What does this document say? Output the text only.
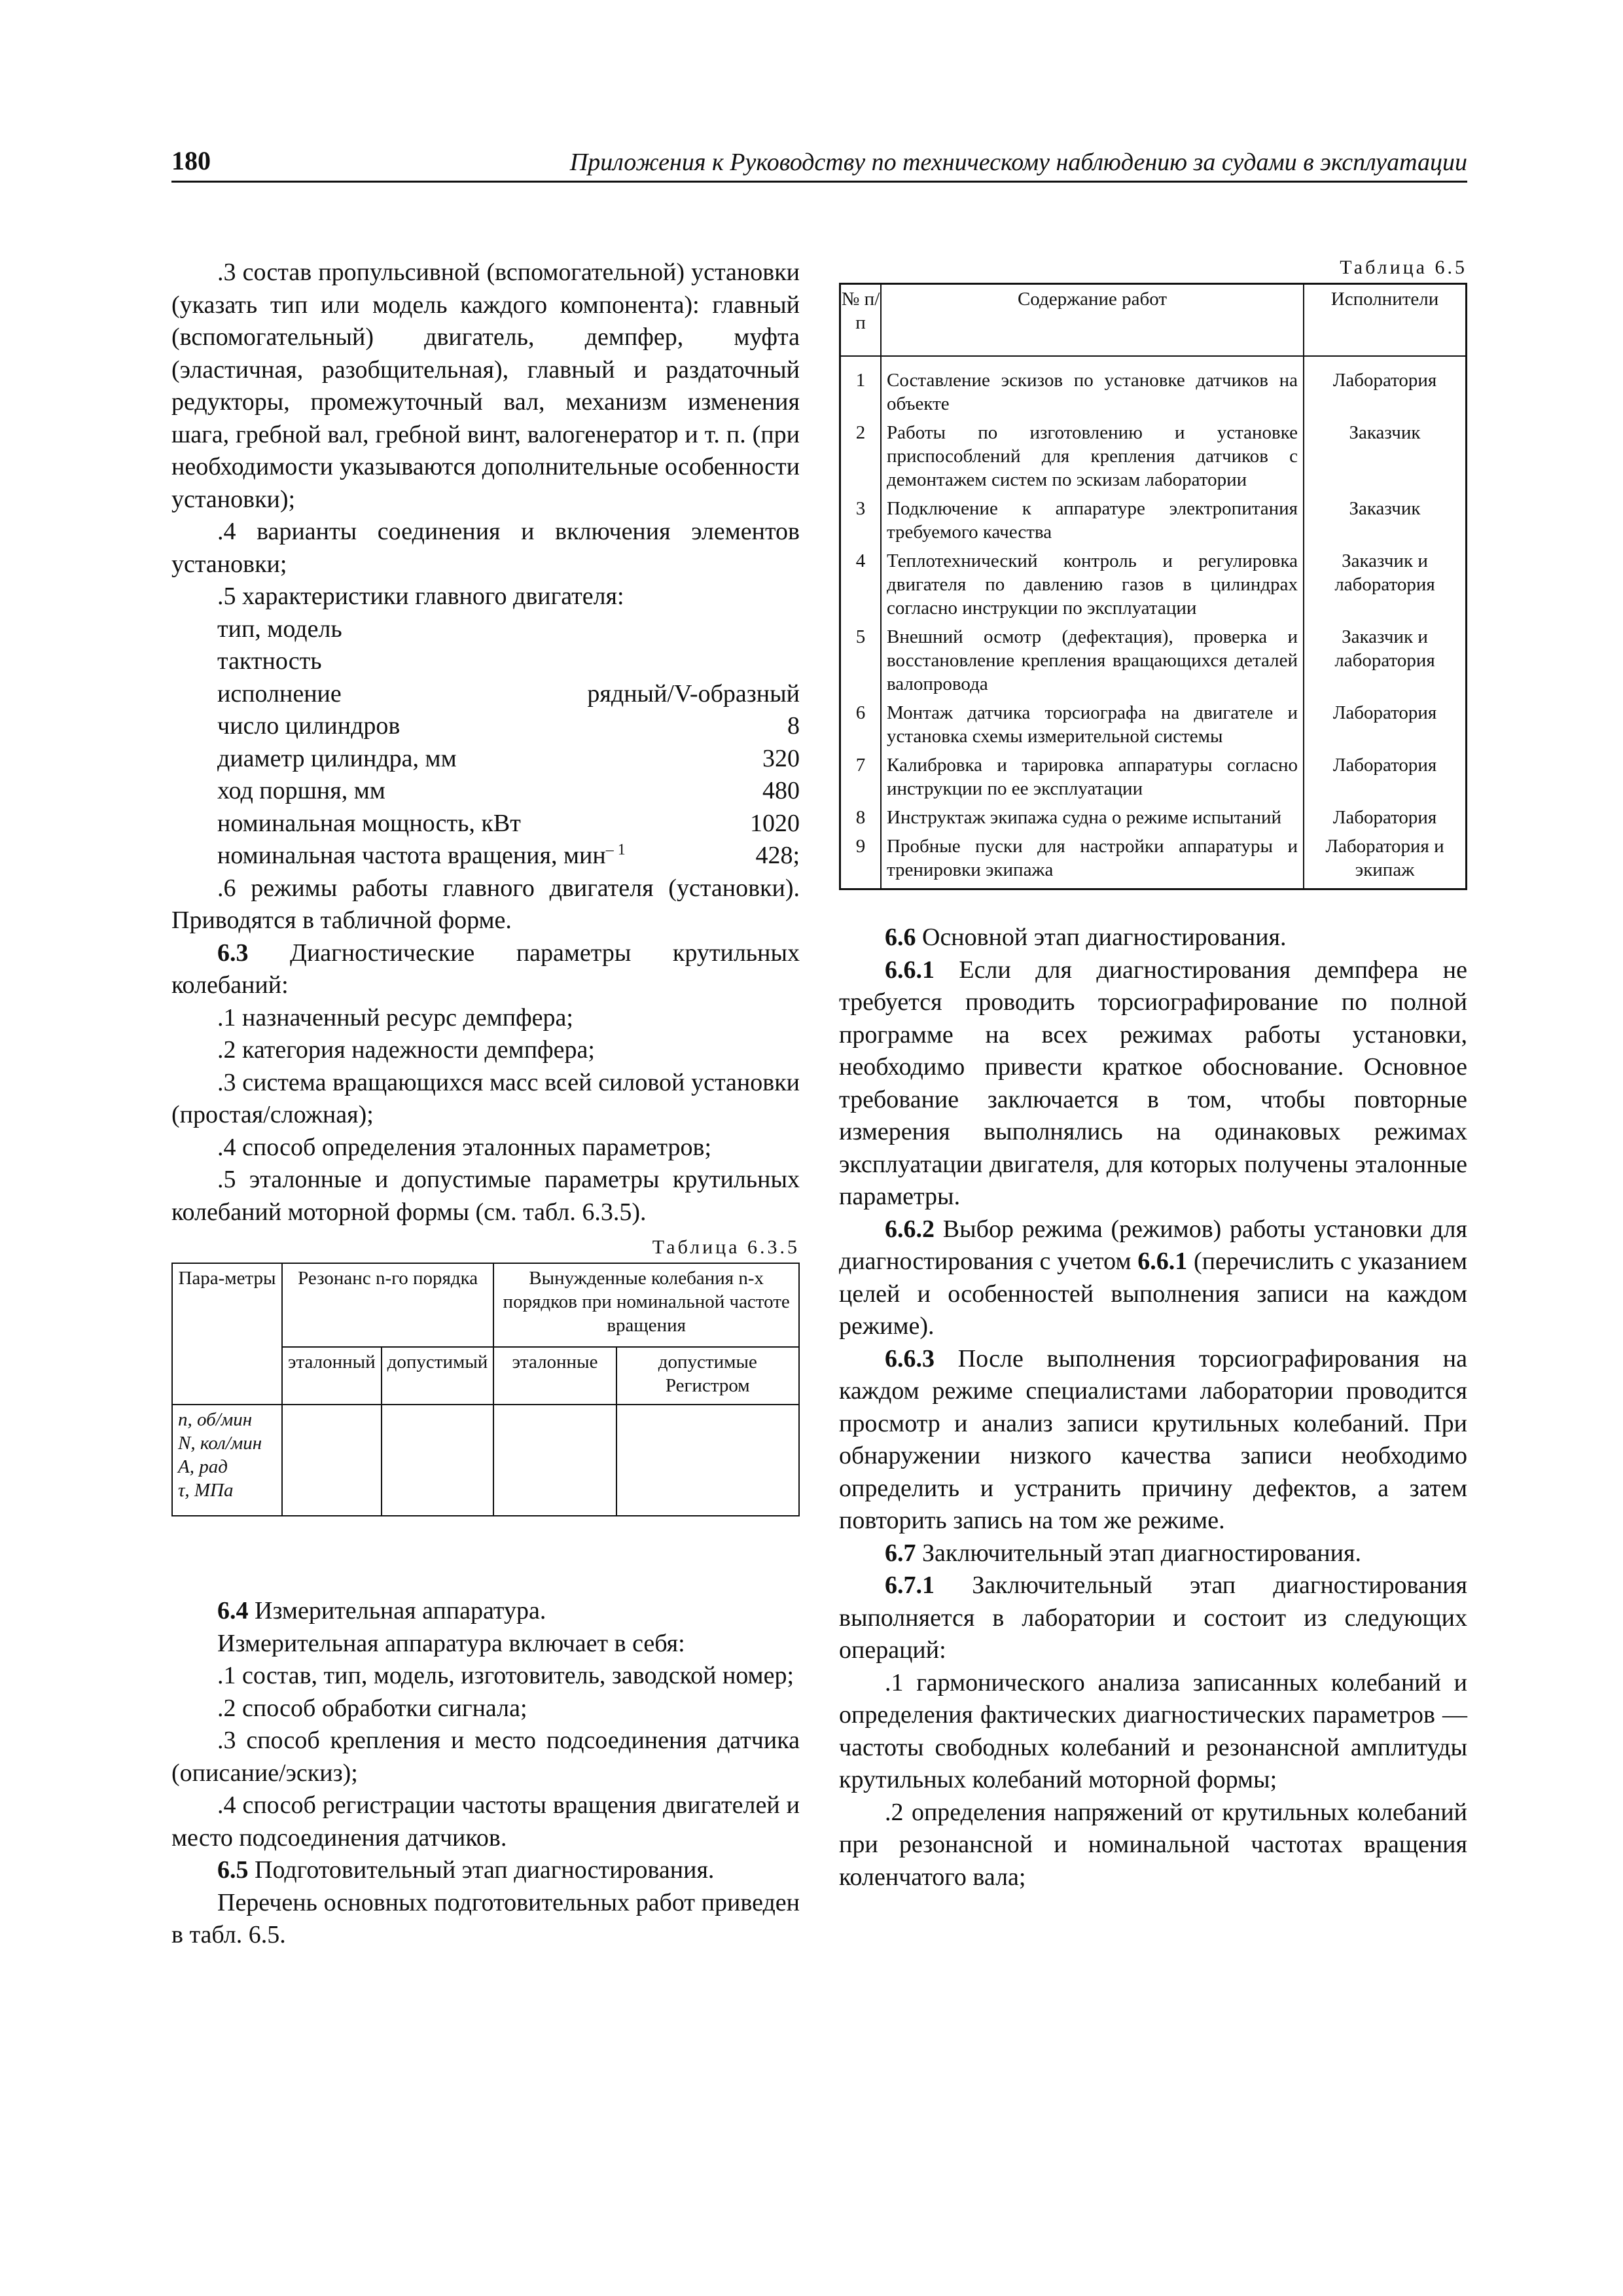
180	Приложения к Руководству по техническому наблюдению за судами в эксплуатации

.3 состав пропульсивной (вспомогательной) установки (указать тип или модель каждого компонента): главный (вспомогательный) двигатель, демпфер, муфта (эластичная, разобщительная), главный и раздаточный редукторы, промежуточный вал, механизм изменения шага, гребной вал, гребной винт, валогенератор и т. п. (при необходимости указываются дополнительные особенности установки);

.4 варианты соединения и включения элементов установки;

.5 характеристики главного двигателя:

тип, модель
тактность
исполнение	рядный/V-образный
число цилиндров	8
диаметр цилиндра, мм	320
ход поршня, мм	480
номинальная мощность, кВт	1020
номинальная частота вращения, мин$^{- 1}$	428;

.6 режимы работы главного двигателя (установки). Приводятся в табличной форме.

6.3 Диагностические параметры крутильных колебаний:

.1 назначенный ресурс демпфера;

.2 категория надежности демпфера;

.3 система вращающихся масс всей силовой установки (простая/сложная);

.4 способ определения эталонных параметров;

.5 эталонные и допустимые параметры крутильных колебаний моторной формы (см. табл. 6.3.5).

Таблица 6.3.5
Пара-метры	Резонанс n-го порядка		Вынужденные колебания n-х порядков при номинальной частоте вращения	
	эталонный	допустимый	эталонные	допустимые Регистром

n, об/мин
N, кол/мин
A, рад
τ, МПа				

6.4 Измерительная аппаратура.

Измерительная аппаратура включает в себя:

.1 состав, тип, модель, изготовитель, заводской номер;

.2 способ обработки сигнала;

.3 способ крепления и место подсоединения датчика (описание/эскиз);

.4 способ регистрации частоты вращения двигателей и место подсоединения датчиков.

6.5 Подготовительный этап диагностирования.

Перечень основных подготовительных работ приведен в табл. 6.5.

Таблица 6.5
№ п/п	Содержание работ	Исполнители
1	Составление эскизов по установке датчиков на объекте	Лаборатория
2	Работы по изготовлению и установке приспособлений для крепления датчиков с демонтажем систем по эскизам лаборатории	Заказчик
3	Подключение к аппаратуре электропитания требуемого качества	Заказчик
4	Теплотехнический контроль и регулировка двигателя по давлению газов в цилиндрах согласно инструкции по эксплуатации	Заказчик и лаборатория
5	Внешний осмотр (дефектация), проверка и восстановление крепления вращающихся деталей валопровода	Заказчик и лаборатория
6	Монтаж датчика торсиографа на двигателе и установка схемы измерительной системы	Лаборатория
7	Калибровка и тарировка аппаратуры согласно инструкции по ее эксплуатации	Лаборатория
8	Инструктаж экипажа судна о режиме испытаний	Лаборатория
9	Пробные пуски для настройки аппаратуры и тренировки экипажа	Лаборатория и экипаж

6.6 Основной этап диагностирования.

6.6.1 Если для диагностирования демпфера не требуется проводить торсиографирование по полной программе на всех режимах работы установки, необходимо привести краткое обоснование. Основное требование заключается в том, чтобы повторные измерения выполнялись на одинаковых режимах эксплуатации двигателя, для которых получены эталонные параметры.

6.6.2 Выбор режима (режимов) работы установки для диагностирования с учетом 6.6.1 (перечислить с указанием целей и особенностей выполнения записи на каждом режиме).

6.6.3 После выполнения торсиографирования на каждом режиме специалистами лаборатории проводится просмотр и анализ записи крутильных колебаний. При обнаружении низкого качества записи необходимо определить и устранить причину дефектов, а затем повторить запись на том же режиме.

6.7 Заключительный этап диагностирования.

6.7.1 Заключительный этап диагностирования выполняется в лаборатории и состоит из следующих операций:

.1 гармонического анализа записанных колебаний и определения фактических диагностических параметров — частоты свободных колебаний и резонансной амплитуды крутильных колебаний моторной формы;

.2 определения напряжений от крутильных колебаний при резонансной и номинальной частотах вращения коленчатого вала;
